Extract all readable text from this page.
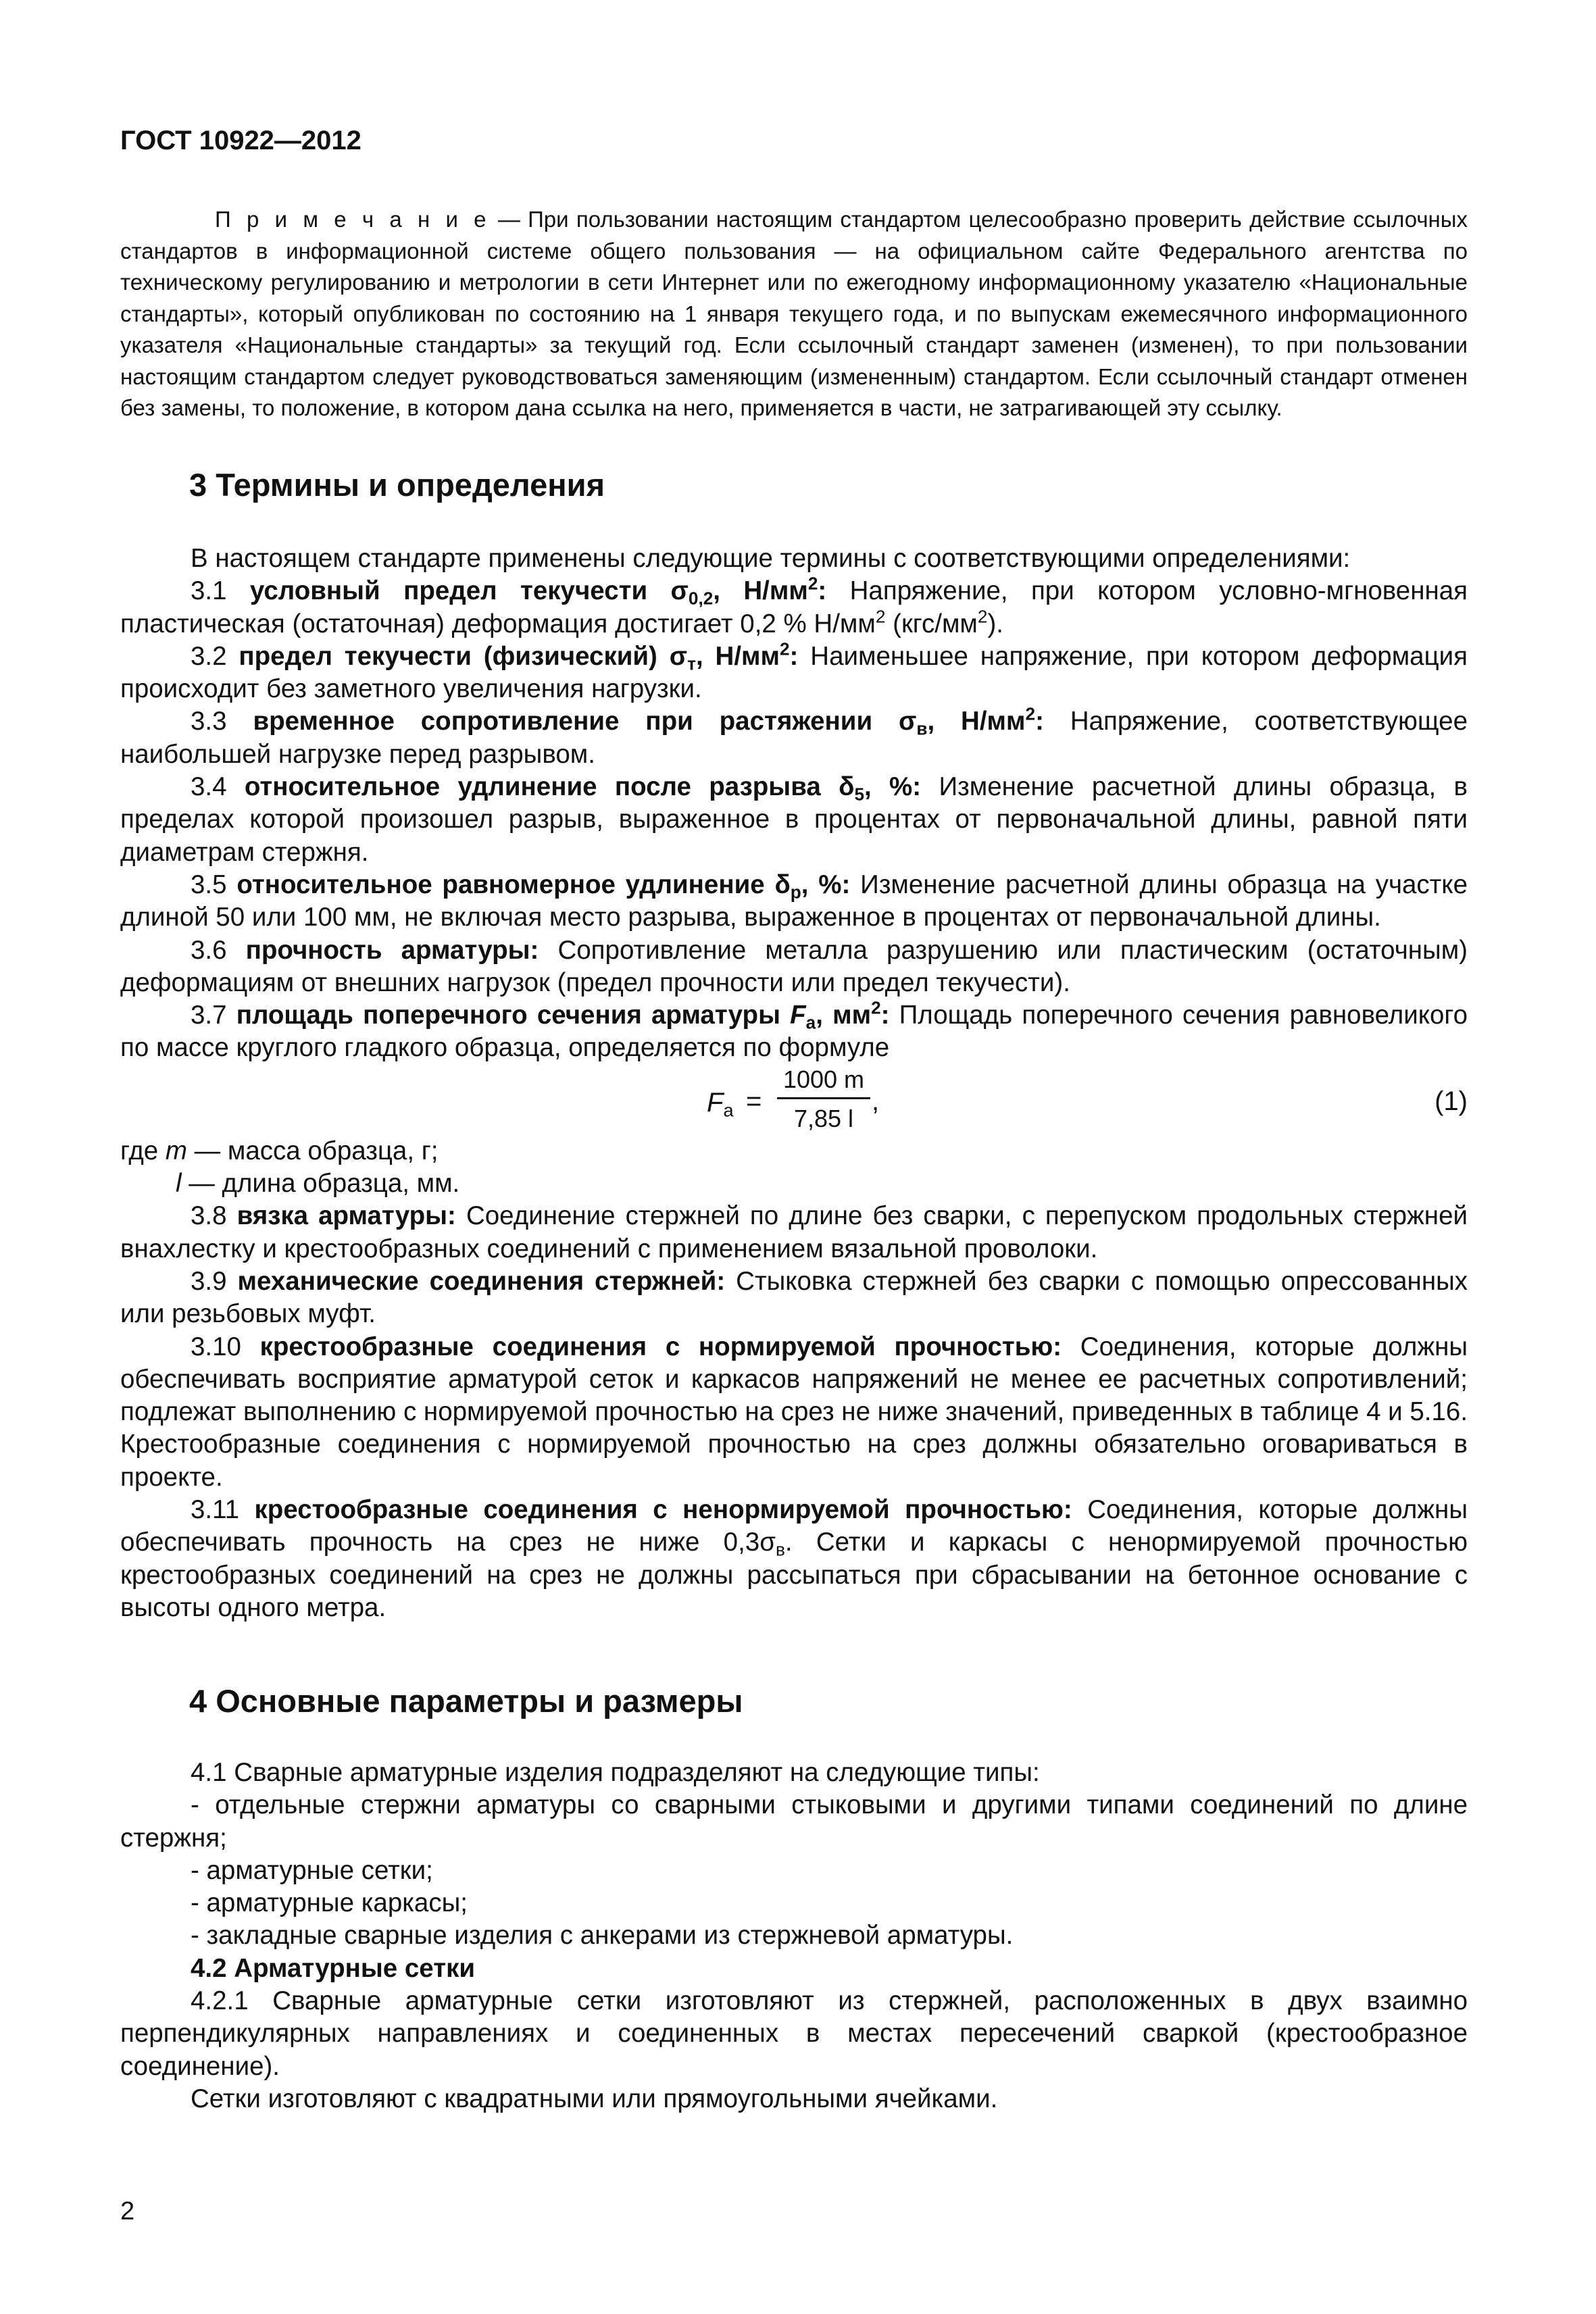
ГОСТ 10922—2012
П р и м е ч а н и е — При пользовании настоящим стандартом целесообразно проверить действие ссылочных стандартов в информационной системе общего пользования — на официальном сайте Федерального агентства по техническому регулированию и метрологии в сети Интернет или по ежегодному информационному указателю «Национальные стандарты», который опубликован по состоянию на 1 января текущего года, и по выпускам ежемесячного информационного указателя «Национальные стандарты» за текущий год. Если ссылочный стандарт заменен (изменен), то при пользовании настоящим стандартом следует руководствоваться заменяющим (измененным) стандартом. Если ссылочный стандарт отменен без замены, то положение, в котором дана ссылка на него, применяется в части, не затрагивающей эту ссылку.
3 Термины и определения

В настоящем стандарте применены следующие термины с соответствующими определениями:

3.1 условный предел текучести $\sigma_{0,2}$, $Н/мм^2$: Напряжение, при котором условно-мгновенная пластическая (остаточная) деформация достигает 0,2 % $Н/мм^2$ $(кгс/мм^2)$.

3.2 предел текучести (физический) $\sigma_т$, $Н/мм^2$: Наименьшее напряжение, при котором деформация происходит без заметного увеличения нагрузки.

3.3 временное сопротивление при растяжении $\sigma_в$, $Н/мм^2$: Напряжение, соответствующее наибольшей нагрузке перед разрывом.

3.4 относительное удлинение после разрыва $\delta_5$, %: Изменение расчетной длины образца, в пределах которой произошел разрыв, выраженное в процентах от первоначальной длины, равной пяти диаметрам стержня.

3.5 относительное равномерное удлинение $\delta_р$, %: Изменение расчетной длины образца на участке длиной 50 или 100 мм, не включая место разрыва, выраженное в процентах от первоначальной длины.

3.6 прочность арматуры: Сопротивление металла разрушению или пластическим (остаточным) деформациям от внешних нагрузок (предел прочности или предел текучести).

3.7 площадь поперечного сечения арматуры $F_а$, $мм^2$: Площадь поперечного сечения равновеликого по массе круглого гладкого образца, определяется по формуле

$F_а$ =
1000 m
7,85 l
,	(1)

где m — масса образца, г;

l — длина образца, мм.

3.8 вязка арматуры: Соединение стержней по длине без сварки, с перепуском продольных стержней внахлестку и крестообразных соединений с применением вязальной проволоки.

3.9 механические соединения стержней: Стыковка стержней без сварки с помощью опрессованных или резьбовых муфт.

3.10 крестообразные соединения с нормируемой прочностью: Соединения, которые должны обеспечивать восприятие арматурой сеток и каркасов напряжений не менее ее расчетных сопротивлений; подлежат выполнению с нормируемой прочностью на срез не ниже значений, приведенных в таблице 4 и 5.16. Крестообразные соединения с нормируемой прочностью на срез должны обязательно оговариваться в проекте.

3.11 крестообразные соединения с ненормируемой прочностью: Соединения, которые должны обеспечивать прочность на срез не ниже $0,3\sigma_в$. Сетки и каркасы с ненормируемой прочностью крестообразных соединений на срез не должны рассыпаться при сбрасывании на бетонное основание с высоты одного метра.

4 Основные параметры и размеры

4.1 Сварные арматурные изделия подразделяют на следующие типы:

- отдельные стержни арматуры со сварными стыковыми и другими типами соединений по длине стержня;

- арматурные сетки;

- арматурные каркасы;

- закладные сварные изделия с анкерами из стержневой арматуры.

4.2 Арматурные сетки

4.2.1 Сварные арматурные сетки изготовляют из стержней, расположенных в двух взаимно перпендикулярных направлениях и соединенных в местах пересечений сваркой (крестообразное соединение).

Сетки изготовляют с квадратными или прямоугольными ячейками.

2
